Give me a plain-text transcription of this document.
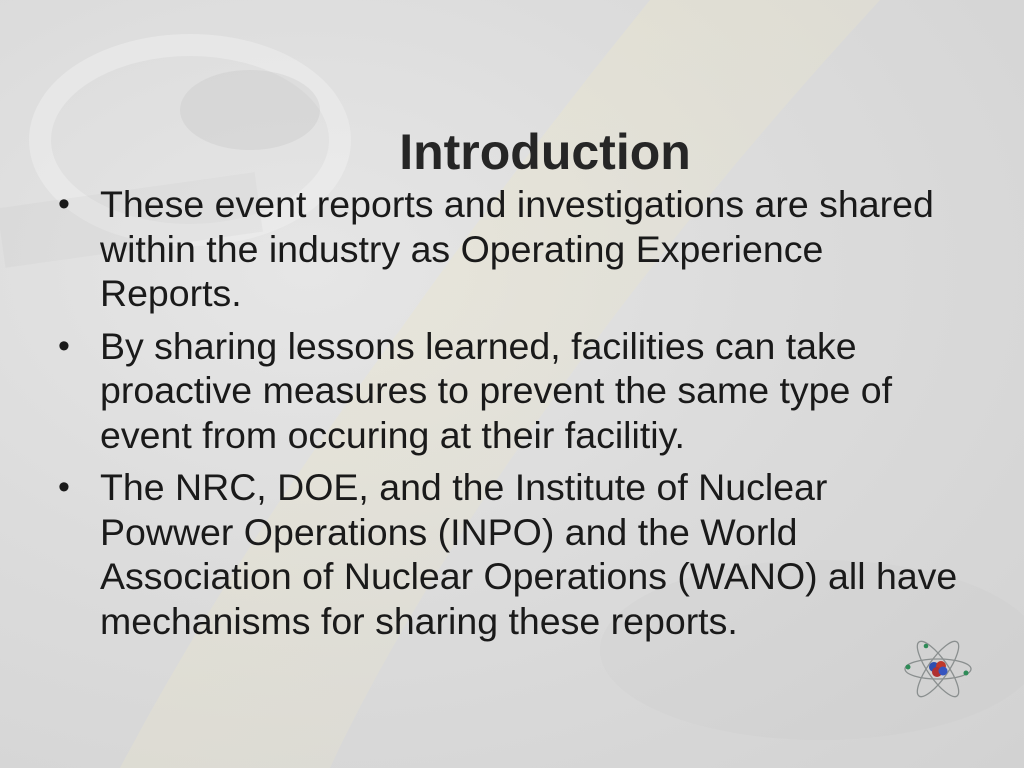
Introduction
• These event reports and investigations are shared within the industry as Operating Experience Reports.
• By sharing lessons learned, facilities can take proactive measures to prevent the same type of event from occuring at their facilitiy.
• The NRC, DOE, and the Institute of Nuclear Powwer Operations (INPO) and the World Association of Nuclear Operations (WANO) all have mechanisms for sharing these reports.
